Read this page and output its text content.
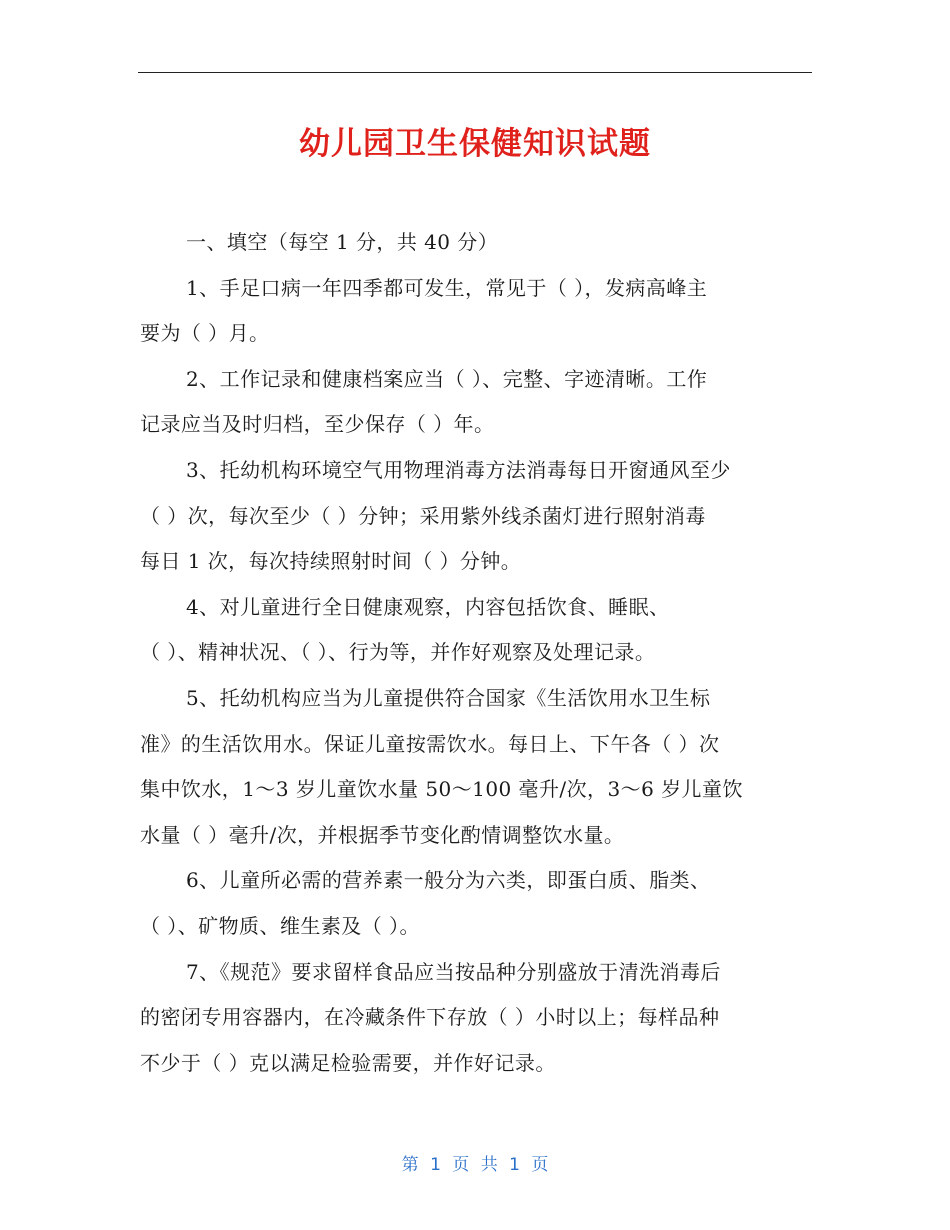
幼儿园卫生保健知识试题
一、填空（每空 1 分，共 40 分）
1、手足口病一年四季都可发生，常见于（ ），发病高峰主
要为（ ）月。
2、工作记录和健康档案应当（ ）、完整、字迹清晰。工作
记录应当及时归档，至少保存（ ）年。
3、托幼机构环境空气用物理消毒方法消毒每日开窗通风至少
（ ）次，每次至少（ ）分钟；采用紫外线杀菌灯进行照射消毒
每日 1 次，每次持续照射时间（ ）分钟。
4、对儿童进行全日健康观察，内容包括饮食、睡眠、
（ ）、精神状况、（ ）、行为等，并作好观察及处理记录。
5、托幼机构应当为儿童提供符合国家《生活饮用水卫生标
准》的生活饮用水。保证儿童按需饮水。每日上、下午各（ ）次
集中饮水，1～3 岁儿童饮水量 50～100 毫升/次，3～6 岁儿童饮
水量（ ）毫升/次，并根据季节变化酌情调整饮水量。
6、儿童所必需的营养素一般分为六类，即蛋白质、脂类、
（ ）、矿物质、维生素及（ ）。
7、《规范》要求留样食品应当按品种分别盛放于清洗消毒后
的密闭专用容器内，在冷藏条件下存放（ ）小时以上；每样品种
不少于（ ）克以满足检验需要，并作好记录。
第 1 页 共 1 页
